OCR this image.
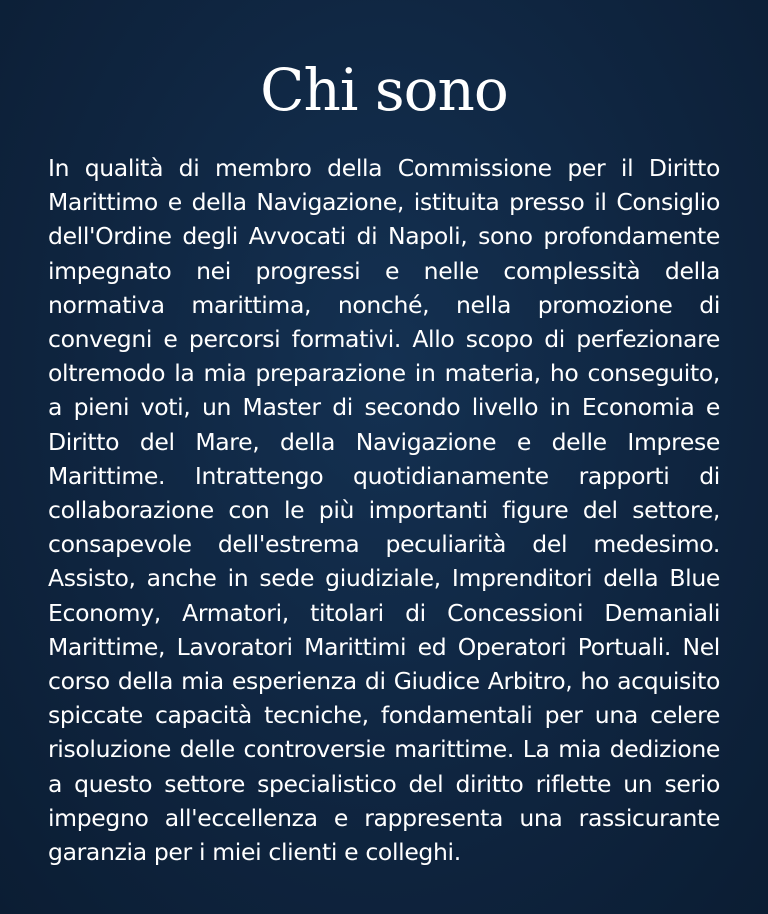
Chi sono

In qualità di membro della Commissione per il Diritto Marittimo e della Navigazione, istituita presso il Consiglio dell'Ordine degli Avvocati di Napoli, sono profondamente impegnato nei progressi e nelle complessità della normativa marittima, nonché, nella promozione di convegni e percorsi formativi. Allo scopo di perfezionare oltremodo la mia preparazione in materia, ho conseguito, a pieni voti, un Master di secondo livello in Economia e Diritto del Mare, della Navigazione e delle Imprese Marittime. Intrattengo quotidianamente rapporti di collaborazione con le più importanti figure del settore, consapevole dell'estrema peculiarità del medesimo. Assisto, anche in sede giudiziale, Imprenditori della Blue Economy, Armatori, titolari di Concessioni Demaniali Marittime, Lavoratori Marittimi ed Operatori Portuali. Nel corso della mia esperienza di Giudice Arbitro, ho acquisito spiccate capacità tecniche, fondamentali per una celere risoluzione delle controversie marittime. La mia dedizione a questo settore specialistico del diritto riflette un serio impegno all'eccellenza e rappresenta una rassicurante garanzia per i miei clienti e colleghi.
